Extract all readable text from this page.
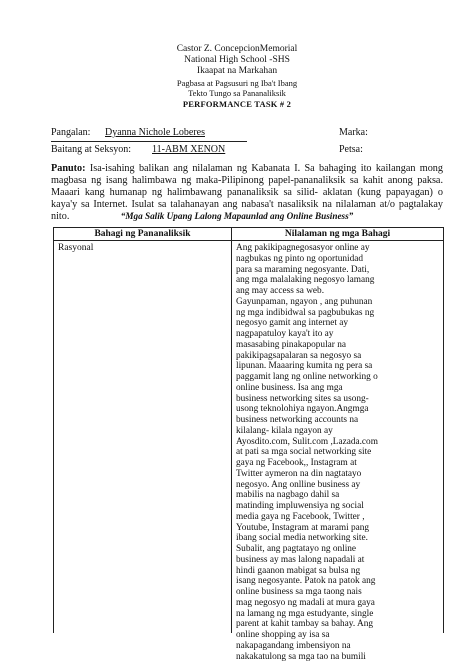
Castor Z. ConcepcionMemorial
National High School -SHS
Ikaapat na Markahan
Pagbasa at Pagsusuri ng Iba't Ibang
Tekto Tungo sa Pananaliksik
PERFORMANCE TASK # 2
Pangalan: Dyanna Nichole Loberes	Marka:
Baitang at Seksyon: 11-ABM XENON	Petsa:
Panuto: Isa-isahing balikan ang nilalaman ng Kabanata I. Sa bahaging ito kailangan mong magbasa ng isang halimbawa ng maka-Pilipinong papel-pananaliksik sa kahit anong paksa. Maaari kang humanap ng halimbawang pananaliksik sa silid- aklatan (kung papayagan) o kaya'y sa Internet. Isulat sa talahanayan ang nabasa't nasaliksik na nilalaman at/o pagtalakay nito.	“Mga Salik Upang Lalong Mapaunlad ang Online Business”
Bahagi ng Pananaliksik	Nilalaman ng mga Bahagi
Rasyonal	Ang pakikipagnegosasyor online ay
nagbukas ng pinto ng oportunidad
para sa maraming negosyante. Dati,
ang mga malalaking negosyo lamang
ang may access sa web.
Gayunpaman, ngayon , ang puhunan
ng mga indibidwal sa pagbubukas ng
negosyo gamit ang internet ay
nagpapatuloy kaya't ito ay
masasabing pinakapopular na
pakikipagsapalaran sa negosyo sa
lipunan. Maaaring kumita ng pera sa
paggamit lang ng online networking o
online business. Isa ang mga
business networking sites sa usong-
usong teknolohiya ngayon.Angmga
business networking accounts na
kilalang- kilala ngayon ay
Ayosdito.com, Sulit.com ,Lazada.com
at pati sa mga social networking site
gaya ng Facebook,, Instagram at
Twitter aymeron na din nagtatayo
negosyo. Ang onlline business ay
mabilis na nagbago dahil sa
matinding impluwensiya ng social
media gaya ng Facebook, Twitter ,
Youtube, Instagram at marami pang
ibang social media networking site.
Subalit, ang pagtatayo ng online
business ay mas lalong napadali at
hindi gaanon mabigat sa bulsa ng
isang negosyante. Patok na patok ang
online business sa mga taong nais
mag negosyo ng madali at mura gaya
na lamang ng mga estudyante, single
parent at kahit tambay sa bahay. Ang
online shopping ay isa sa
nakapagandang imbensiyon na
nakakatulong sa mga tao na bumili
